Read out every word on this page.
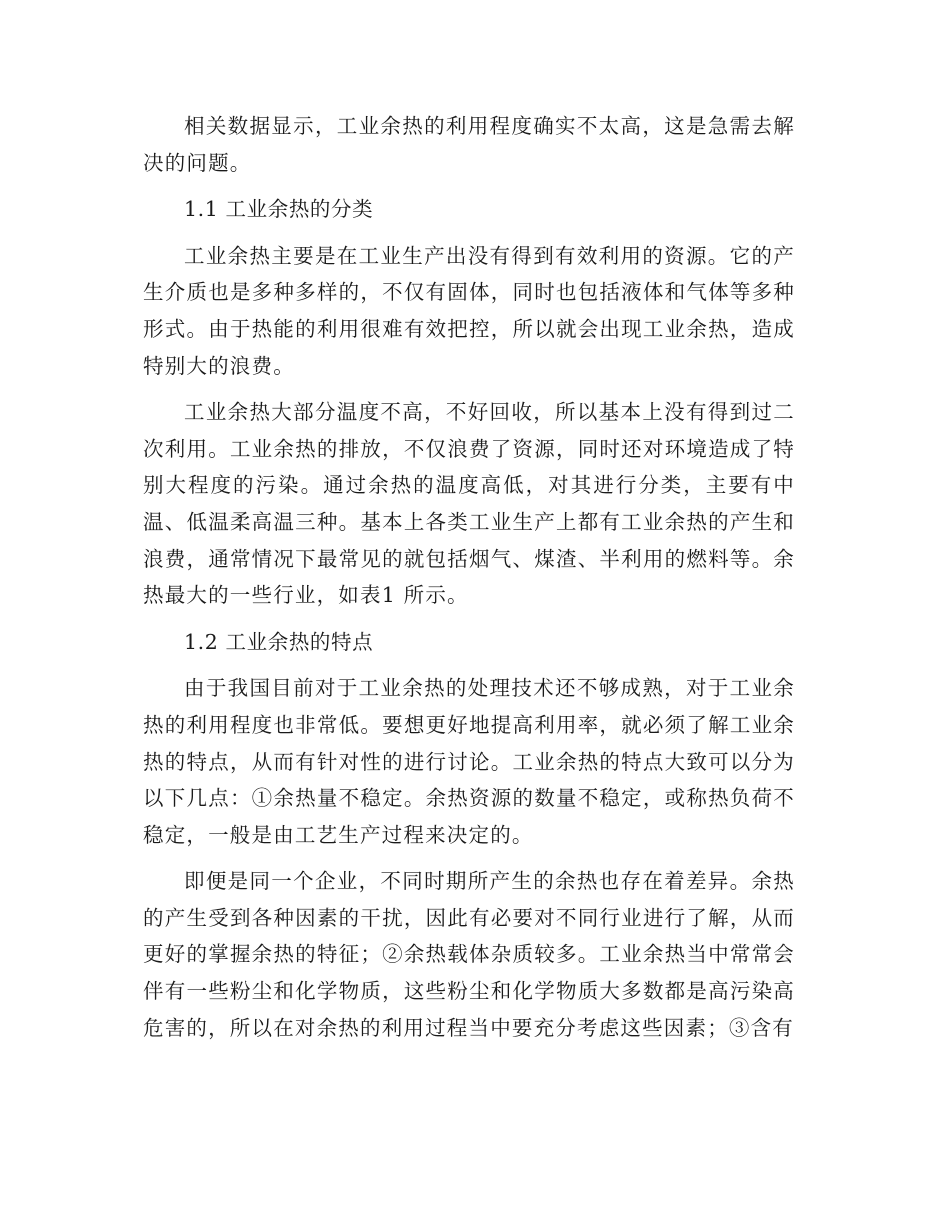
相关数据显示，工业余热的利用程度确实不太高，这是急需去解决的问题。

1.1 工业余热的分类

工业余热主要是在工业生产出没有得到有效利用的资源。它的产生介质也是多种多样的，不仅有固体，同时也包括液体和气体等多种形式。由于热能的利用很难有效把控，所以就会出现工业余热，造成特别大的浪费。

工业余热大部分温度不高，不好回收，所以基本上没有得到过二次利用。工业余热的排放，不仅浪费了资源，同时还对环境造成了特别大程度的污染。通过余热的温度高低，对其进行分类，主要有中温、低温柔高温三种。基本上各类工业生产上都有工业余热的产生和浪费，通常情况下最常见的就包括烟气、煤渣、半利用的燃料等。余热最大的一些行业，如表1 所示。

1.2 工业余热的特点

由于我国目前对于工业余热的处理技术还不够成熟，对于工业余热的利用程度也非常低。要想更好地提高利用率，就必须了解工业余热的特点，从而有针对性的进行讨论。工业余热的特点大致可以分为以下几点：①余热量不稳定。余热资源的数量不稳定，或称热负荷不稳定，一般是由工艺生产过程来决定的。

即便是同一个企业，不同时期所产生的余热也存在着差异。余热的产生受到各种因素的干扰，因此有必要对不同行业进行了解，从而更好的掌握余热的特征；②余热载体杂质较多。工业余热当中常常会伴有一些粉尘和化学物质，这些粉尘和化学物质大多数都是高污染高危害的，所以在对余热的利用过程当中要充分考虑这些因素；③含有
